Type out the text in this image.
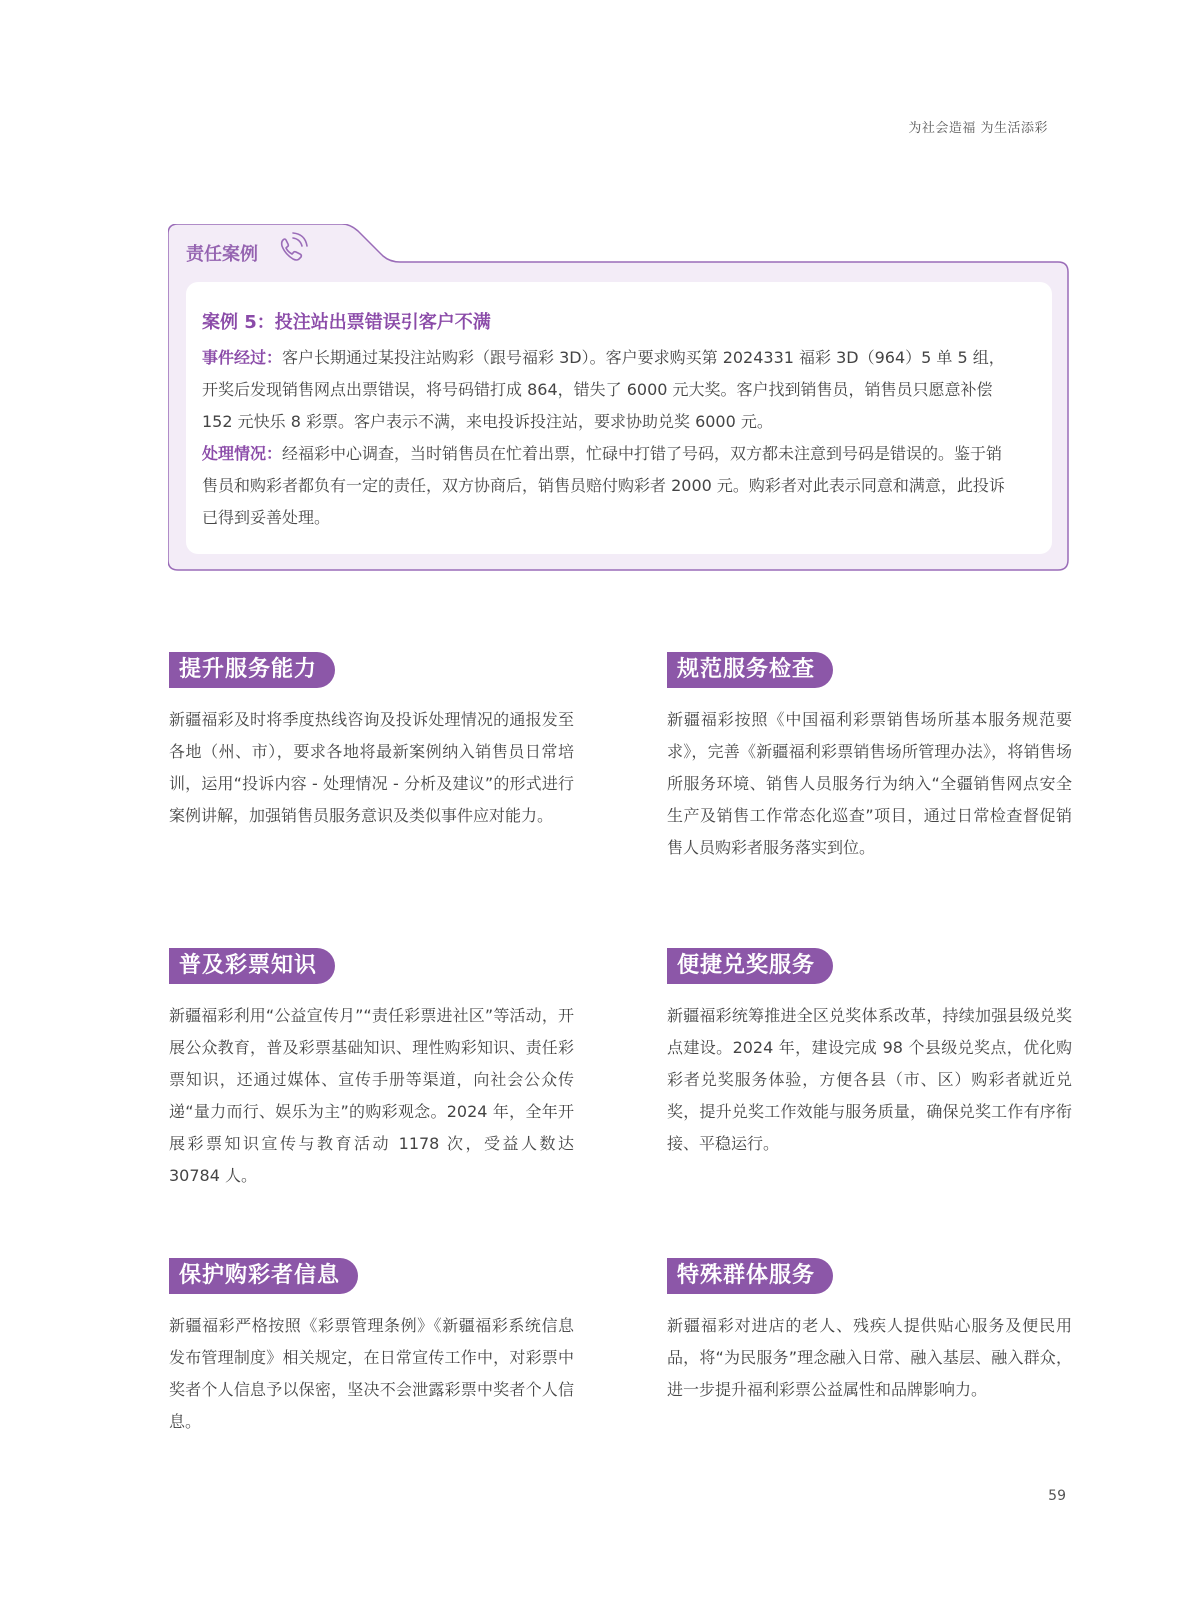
为社会造福 为生活添彩
责任案例
案例 5：投注站出票错误引客户不满
事件经过：客户长期通过某投注站购彩（跟号福彩 3D）。客户要求购买第 2024331 福彩 3D（964）5 单 5 组，开奖后发现销售网点出票错误，将号码错打成 864，错失了 6000 元大奖。客户找到销售员，销售员只愿意补偿 152 元快乐 8 彩票。客户表示不满，来电投诉投注站，要求协助兑奖 6000 元。
处理情况：经福彩中心调查，当时销售员在忙着出票，忙碌中打错了号码，双方都未注意到号码是错误的。鉴于销售员和购彩者都负有一定的责任，双方协商后，销售员赔付购彩者 2000 元。购彩者对此表示同意和满意，此投诉已得到妥善处理。
提升服务能力
新疆福彩及时将季度热线咨询及投诉处理情况的通报发至各地（州、市），要求各地将最新案例纳入销售员日常培训，运用“投诉内容 - 处理情况 - 分析及建议”的形式进行案例讲解，加强销售员服务意识及类似事件应对能力。
规范服务检查
新疆福彩按照《中国福利彩票销售场所基本服务规范要求》，完善《新疆福利彩票销售场所管理办法》，将销售场所服务环境、销售人员服务行为纳入“全疆销售网点安全生产及销售工作常态化巡查”项目，通过日常检查督促销售人员购彩者服务落实到位。
普及彩票知识
新疆福彩利用“公益宣传月”“责任彩票进社区”等活动，开展公众教育，普及彩票基础知识、理性购彩知识、责任彩票知识，还通过媒体、宣传手册等渠道，向社会公众传递“量力而行、娱乐为主”的购彩观念。2024 年，全年开展彩票知识宣传与教育活动 1178 次，受益人数达 30784 人。
便捷兑奖服务
新疆福彩统筹推进全区兑奖体系改革，持续加强县级兑奖点建设。2024 年，建设完成 98 个县级兑奖点，优化购彩者兑奖服务体验，方便各县（市、区）购彩者就近兑奖，提升兑奖工作效能与服务质量，确保兑奖工作有序衔接、平稳运行。
保护购彩者信息
新疆福彩严格按照《彩票管理条例》《新疆福彩系统信息发布管理制度》相关规定，在日常宣传工作中，对彩票中奖者个人信息予以保密，坚决不会泄露彩票中奖者个人信息。
特殊群体服务
新疆福彩对进店的老人、残疾人提供贴心服务及便民用品，将“为民服务”理念融入日常、融入基层、融入群众，进一步提升福利彩票公益属性和品牌影响力。
59
